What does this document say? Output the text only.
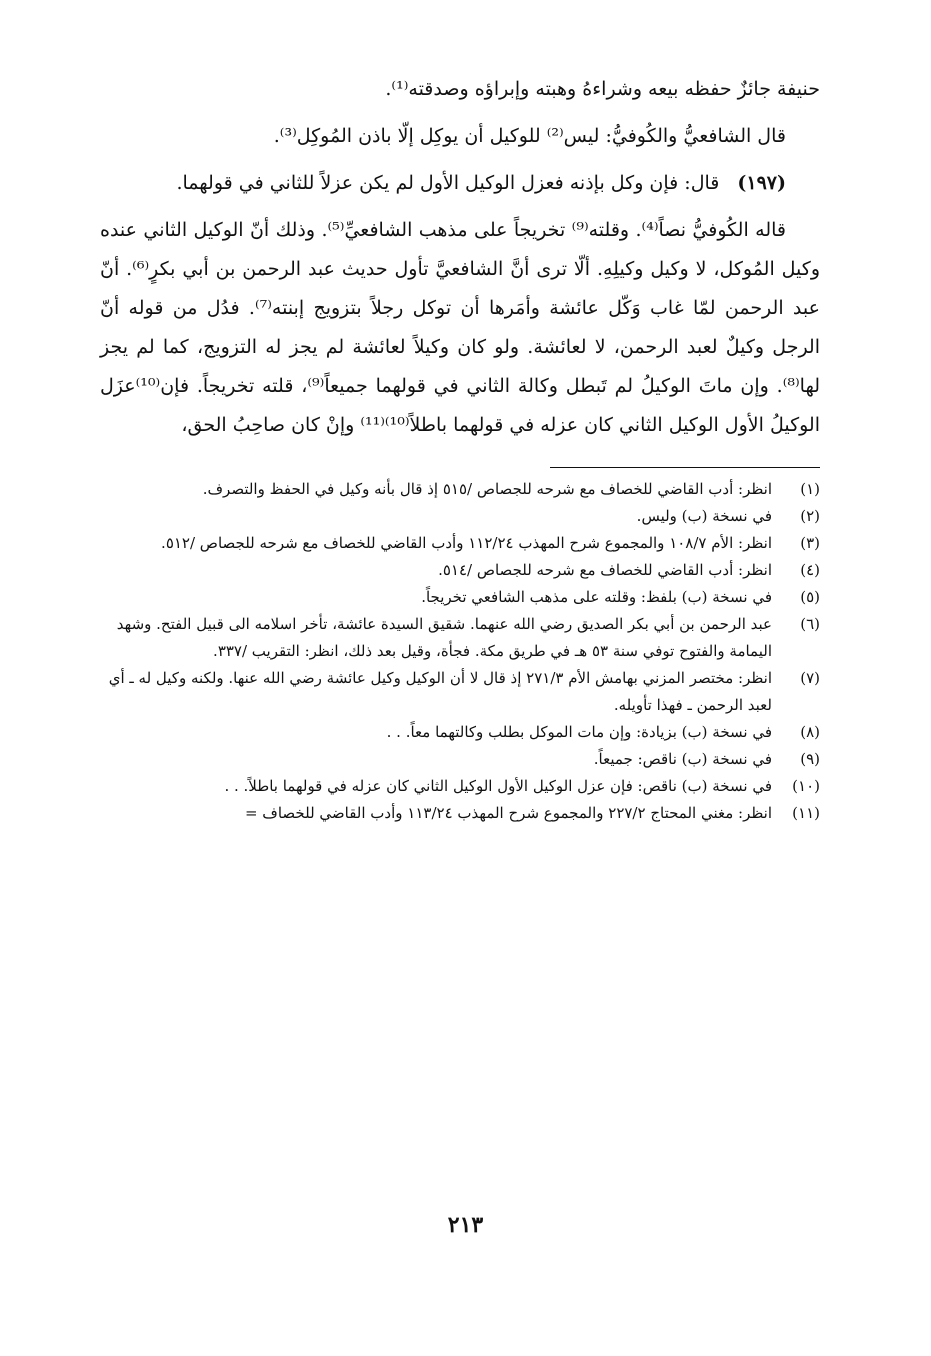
حنيفة جائزٌ حفظه بيعه وشراءهُ وهبته وإبراؤه وصدقته⁽¹⁾.

قال الشافعيُّ والكُوفيُّ: ليس⁽²⁾ للوكيل أن يوكِل إلّا باذن المُوكِل⁽³⁾.

(١٩٧)قال: فإن وكل بإذنه فعزل الوكيل الأول لم يكن عزلاً للثاني في قولهما.

قاله الكُوفيُّ نصاً⁽⁴⁾. وقلته⁽⁹⁾ تخريجاً على مذهب الشافعيِّ⁽⁵⁾. وذلك أنّ الوكيل الثاني عنده وكيل المُوكل، لا وكيل وكيلِهِ. ألّا ترى أنَّ الشافعيَّ تأول حديث عبد الرحمن بن أبي بكرٍ⁽⁶⁾. أنّ عبد الرحمن لمّا غاب وَكّل عائشة وأمَرها أن توكل رجلاً بتزويج إبنته⁽⁷⁾. فدُل من قوله أنّ الرجل وكيلٌ لعبد الرحمن، لا لعائشة. ولو كان وكيلاً لعائشة لم يجز له التزويج، كما لم يجز لها⁽⁸⁾. وإن ماتَ الوكيلُ لم تَبطل وكالة الثاني في قولهما جميعاً⁽⁹⁾، قلته تخريجاً. فإن⁽¹⁰⁾عزَل الوكيلُ الأول الوكيل الثاني كان عزله في قولهما باطلاً⁽¹⁰⁾⁽¹¹⁾ وإنْ كان صاحِبُ الحق،

(١)
انظر: أدب القاضي للخصاف مع شرحه للجصاص /٥١٥ إذ قال بأنه وكيل في الحفظ والتصرف.
(٢)
في نسخة (ب) وليس.
(٣)
انظر: الأم ١٠٨/٧ والمجموع شرح المهذب ١١٢/٢٤ وأدب القاضي للخصاف مع شرحه للجصاص /٥١٢.
(٤)
انظر: أدب القاضي للخصاف مع شرحه للجصاص /٥١٤.
(٥)
في نسخة (ب) بلفظ: وقلته على مذهب الشافعي تخريجاً.
(٦)
عبد الرحمن بن أبي بكر الصديق رضي الله عنهما. شقيق السيدة عائشة، تأخر اسلامه الى قبيل الفتح. وشهد اليمامة والفتوح توفي سنة ٥٣ هـ في طريق مكة. فجأة، وقيل بعد ذلك، انظر: التقريب /٣٣٧.
(٧)
انظر: مختصر المزني بهامش الأم ٢٧١/٣ إذ قال لا أن الوكيل وكيل عائشة رضي الله عنها. ولكنه وكيل له ـ أي لعبد الرحمن ـ فهذا تأويله.
(٨)
في نسخة (ب) بزيادة: وإن مات الموكل بطلب وكالتهما معاً. . .
(٩)
في نسخة (ب) ناقص: جميعاً.
(١٠)
في نسخة (ب) ناقص: فإن عزل الوكيل الأول الوكيل الثاني كان عزله في قولهما باطلاً. . .
(١١)
انظر: مغني المحتاج ٢٢٧/٢ والمجموع شرح المهذب ١١٣/٢٤ وأدب القاضي للخصاف =
٢١٣
